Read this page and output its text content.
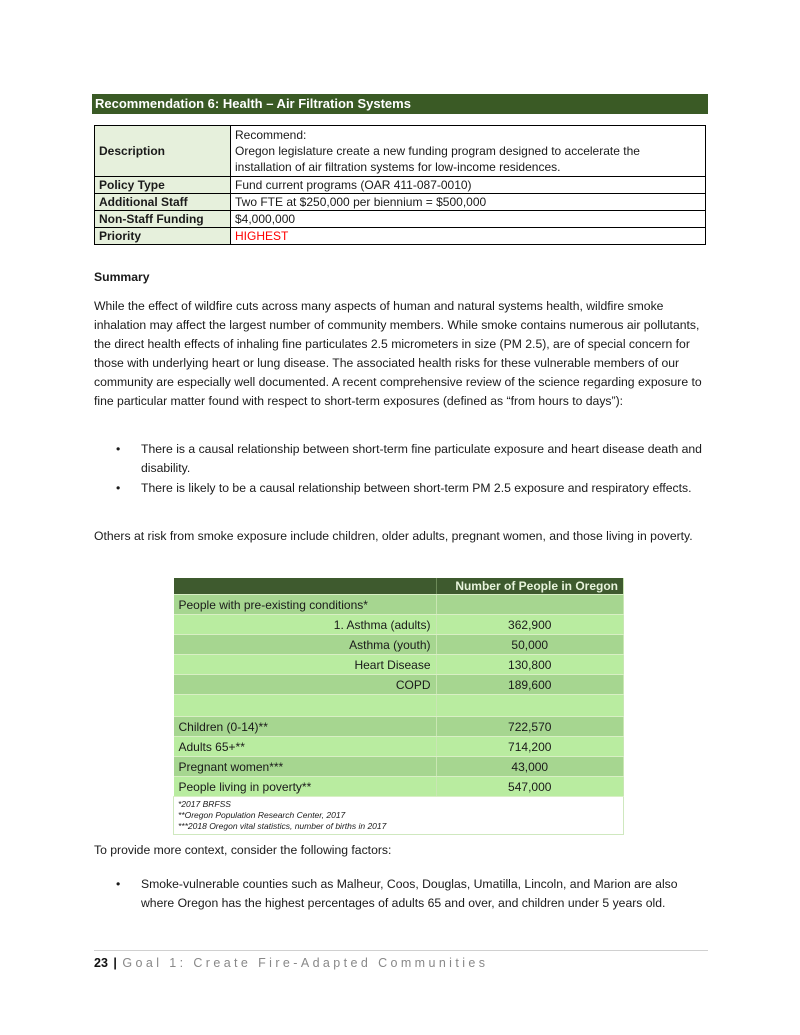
Recommendation 6: Health – Air Filtration Systems
Description	Recommend:
Oregon legislature create a new funding program designed to accelerate the
installation of air filtration systems for low-income residences.

Policy Type	Fund current programs (OAR 411-087-0010)
Additional Staff	Two FTE at $250,000 per biennium = $500,000
Non-Staff Funding	$4,000,000
Priority	HIGHEST
Summary
While the effect of wildfire cuts across many aspects of human and natural systems health, wildfire smoke inhalation may affect the largest number of community members. While smoke contains numerous air pollutants, the direct health effects of inhaling fine particulates 2.5 micrometers in size (PM 2.5), are of special concern for those with underlying heart or lung disease. The associated health risks for these vulnerable members of our community are especially well documented. A recent comprehensive review of the science regarding exposure to fine particular matter found with respect to short-term exposures (defined as “from hours to days”):
• There is a causal relationship between short-term fine particulate exposure and heart disease death and disability.
• There is likely to be a causal relationship between short-term PM 2.5 exposure and respiratory effects.
Others at risk from smoke exposure include children, older adults, pregnant women, and those living in poverty.
	Number of People in Oregon
People with pre-existing conditions*	
1. Asthma (adults)	362,900
Asthma (youth)	50,000
Heart Disease	130,800
COPD	189,600

Children (0-14)**	722,570
Adults 65+**	714,200
Pregnant women***	43,000
People living in poverty**	547,000

*2017 BRFSS
**Oregon Population Research Center, 2017
***2018 Oregon vital statistics, number of births in 2017	
To provide more context, consider the following factors:
• Smoke-vulnerable counties such as Malheur, Coos, Douglas, Umatilla, Lincoln, and Marion are also where Oregon has the highest percentages of adults 65 and over, and children under 5 years old.
23 | Goal 1: Create Fire-Adapted Communities
